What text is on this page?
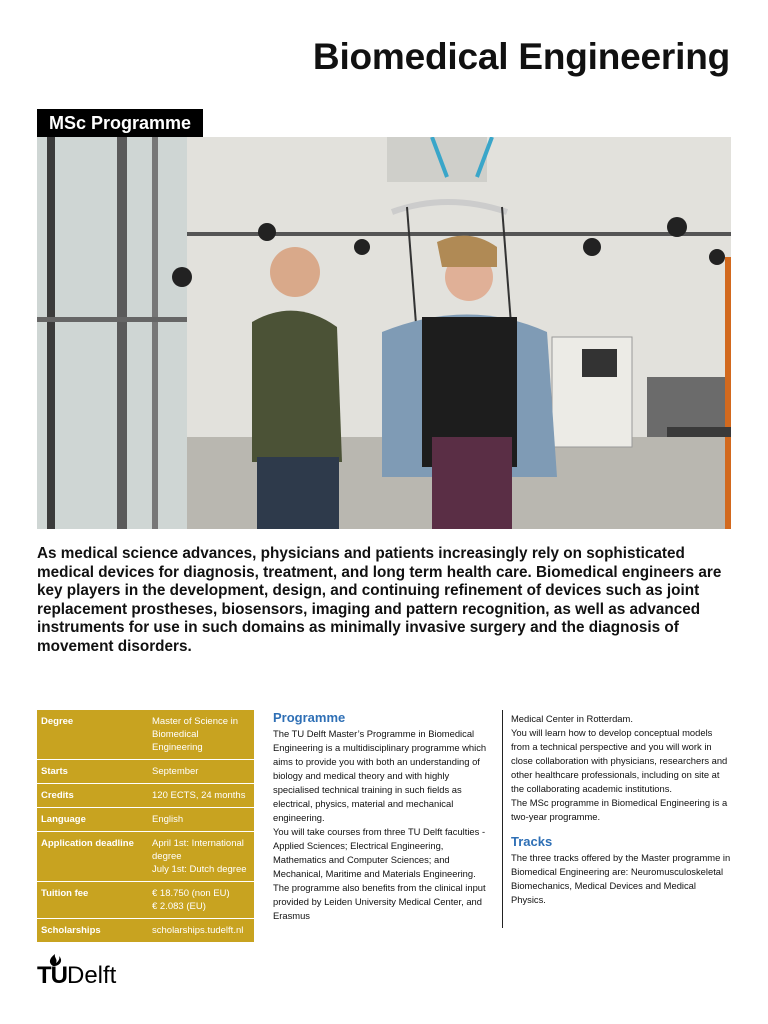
Biomedical Engineering
MSc Programme

As medical science advances, physicians and patients increasingly rely on sophisticated medical devices for diagnosis, treatment, and long term health care. Biomedical engineers are key players in the development, design, and continuing refinement of devices such as joint replacement prostheses, biosensors, imaging and pattern recognition, as well as advanced instruments for use in such domains as minimally invasive surgery and the diagnosis of movement disorders.

Degree	Master of Science in
Biomedical Engineering

Starts	September

Credits	120 ECTS, 24 months

Language	English

Application deadline	April 1st: International
degree
July 1st: Dutch degree

Tuition fee	€ 18.750 (non EU)
€ 2.083 (EU)

Scholarships	scholarships.tudelft.nl
Programme

The TU Delft Master’s Programme in Biomedical Engineering is a multidisciplinary programme which aims to provide you with both an understanding of biology and medical theory and with highly specialised technical training in such fields as electrical, physics, material and mechanical engineering.

You will take courses from three TU Delft faculties - Applied Sciences; Electrical Engineering, Mathematics and Computer Sciences; and Mechanical, Maritime and Materials Engineering. The programme also benefits from the clinical input provided by Leiden University Medical Center, and Erasmus

Medical Center in Rotterdam.

You will learn how to develop conceptual models from a technical perspective and you will work in close collaboration with physicians, researchers and other healthcare professionals, including on site at the collaborating academic institutions.

The MSc programme in Biomedical Engineering is a two-year programme.

Tracks

The three tracks offered by the Master programme in Biomedical Engineering are: Neuromusculoskeletal Biomechanics, Medical Devices and Medical Physics.

TUDelft
